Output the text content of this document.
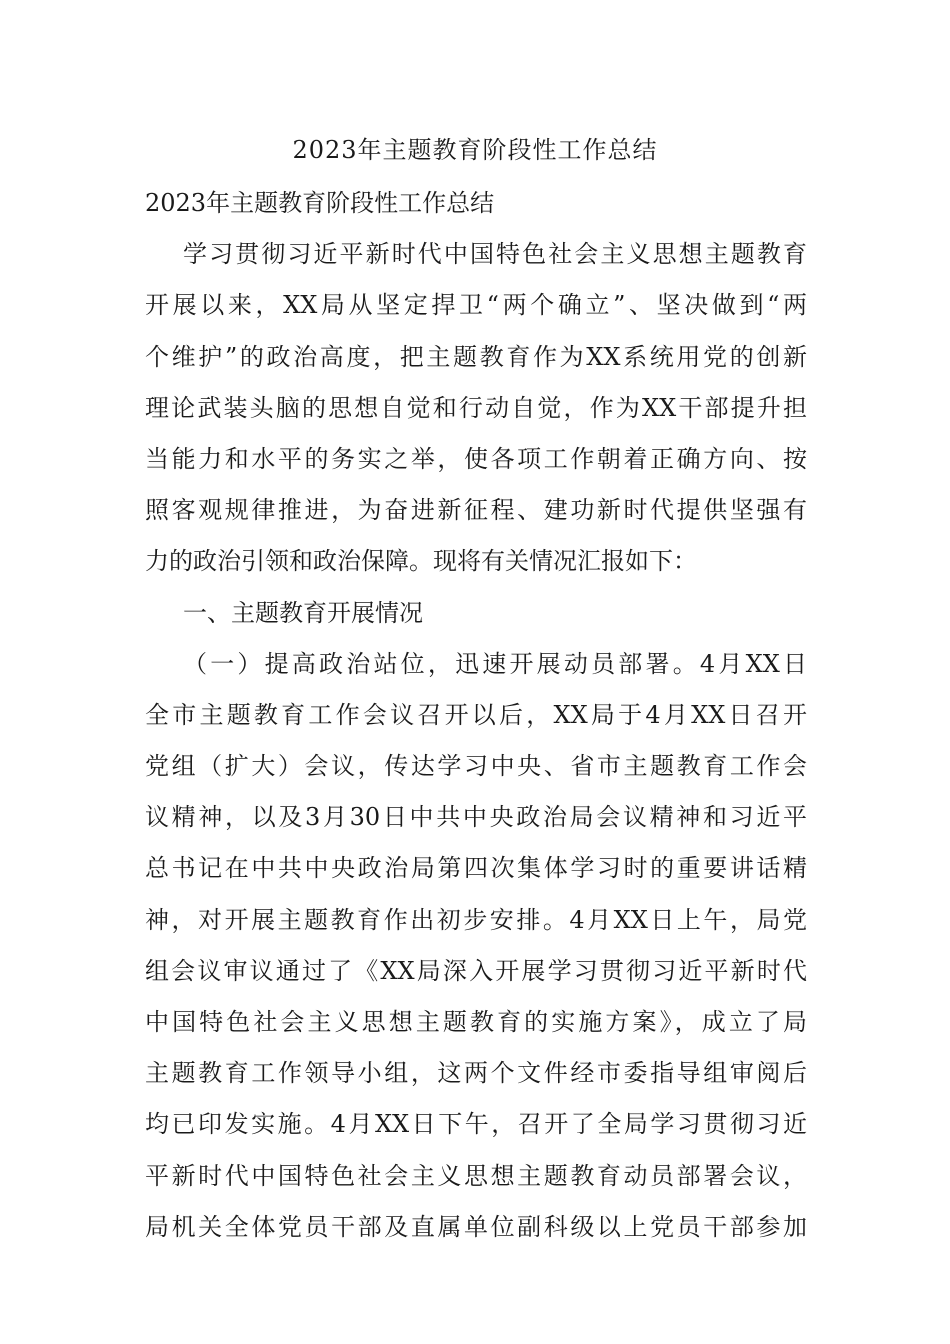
2023年主题教育阶段性工作总结
2023年主题教育阶段性工作总结
学习贯彻习近平新时代中国特色社会主义思想主题教育
开展以来，XX局从坚定捍卫“两个确立”、坚决做到“两
个维护”的政治高度，把主题教育作为XX系统用党的创新
理论武装头脑的思想自觉和行动自觉，作为XX干部提升担
当能力和水平的务实之举，使各项工作朝着正确方向、按
照客观规律推进，为奋进新征程、建功新时代提供坚强有
力的政治引领和政治保障。现将有关情况汇报如下：
一、主题教育开展情况
（一）提高政治站位，迅速开展动员部署。4月XX日
全市主题教育工作会议召开以后，XX局于4月XX日召开
党组（扩大）会议，传达学习中央、省市主题教育工作会
议精神，以及3月30日中共中央政治局会议精神和习近平
总书记在中共中央政治局第四次集体学习时的重要讲话精
神，对开展主题教育作出初步安排。4月XX日上午，局党
组会议审议通过了《XX局深入开展学习贯彻习近平新时代
中国特色社会主义思想主题教育的实施方案》，成立了局
主题教育工作领导小组，这两个文件经市委指导组审阅后
均已印发实施。4月XX日下午，召开了全局学习贯彻习近
平新时代中国特色社会主义思想主题教育动员部署会议，
局机关全体党员干部及直属单位副科级以上党员干部参加
